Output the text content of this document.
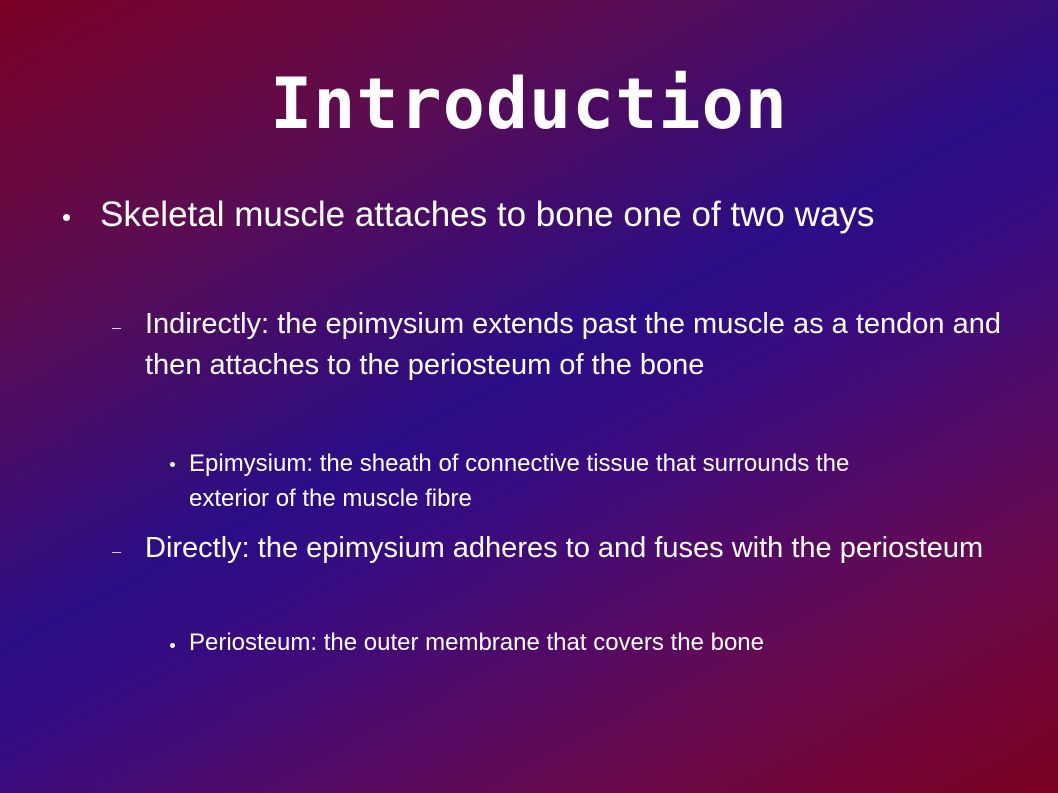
Introduction
Skeletal muscle attaches to bone one of two ways
Indirectly: the epimysium extends past the muscle as a tendon and then attaches to the periosteum of the bone
Epimysium: the sheath of connective tissue that surrounds the exterior of the muscle fibre
Directly: the epimysium adheres to and fuses with the periosteum
Periosteum: the outer membrane that covers the bone
